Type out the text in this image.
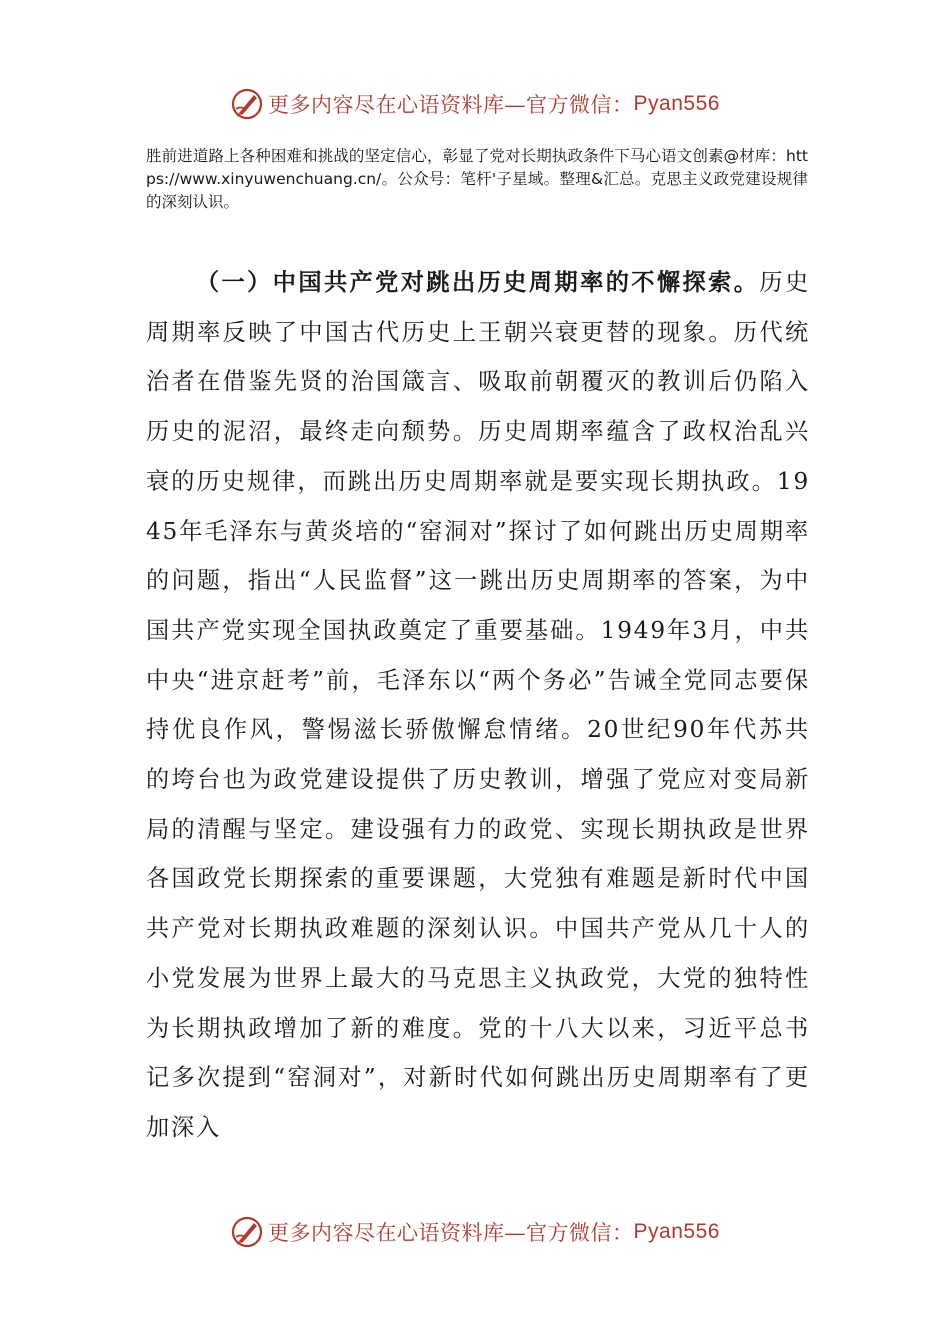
更多内容尽在心语资料库—官方微信： Pyan556

胜前进道路上各种困难和挑战的坚定信心，彰显了党对长期执政条件下马心语文创素@材库：https://www.xinyuwenchuang.cn/。公众号：笔杆'子星域。整理&汇总。克思主义政党建设规律的深刻认识。

（一）中国共产党对跳出历史周期率的不懈探索。历史周期率反映了中国古代历史上王朝兴衰更替的现象。历代统治者在借鉴先贤的治国箴言、吸取前朝覆灭的教训后仍陷入历史的泥沼，最终走向颓势。历史周期率蕴含了政权治乱兴衰的历史规律，而跳出历史周期率就是要实现长期执政。1945年毛泽东与黄炎培的“窑洞对”探讨了如何跳出历史周期率的问题，指出“人民监督”这一跳出历史周期率的答案，为中国共产党实现全国执政奠定了重要基础。1949年3月，中共中央“进京赶考”前，毛泽东以“两个务必”告诫全党同志要保持优良作风，警惕滋长骄傲懈怠情绪。20世纪90年代苏共的垮台也为政党建设提供了历史教训，增强了党应对变局新局的清醒与坚定。建设强有力的政党、实现长期执政是世界各国政党长期探索的重要课题，大党独有难题是新时代中国共产党对长期执政难题的深刻认识。中国共产党从几十人的小党发展为世界上最大的马克思主义执政党，大党的独特性为长期执政增加了新的难度。党的十八大以来，习近平总书记多次提到“窑洞对”，对新时代如何跳出历史周期率有了更加深入

更多内容尽在心语资料库—官方微信： Pyan556
